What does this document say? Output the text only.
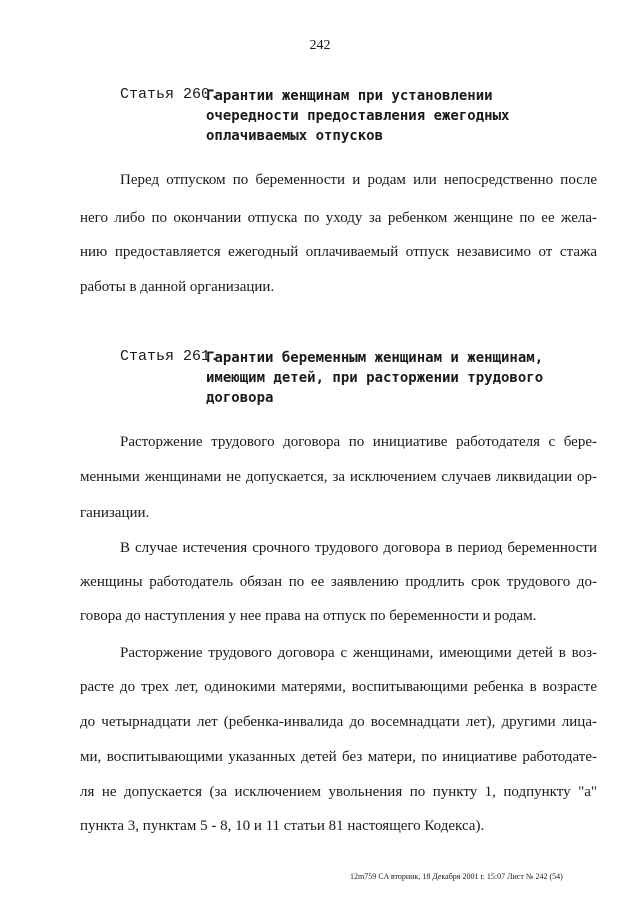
242
Статья 260.
Гарантии женщинам при установлении
очередности предоставления ежегодных
оплачиваемых отпусков
Перед отпуском по беременности и родам или непосредственно после
него либо по окончании отпуска по уходу за ребенком женщине по ее жела-
нию предоставляется ежегодный оплачиваемый отпуск независимо от стажа
работы в данной организации.
Статья 261.
Гарантии беременным женщинам и женщинам,
имеющим детей, при расторжении трудового
договора
Расторжение трудового договора по инициативе работодателя с бере-
менными женщинами не допускается, за исключением случаев ликвидации ор-
ганизации.
В случае истечения срочного трудового договора в период беременности
женщины работодатель обязан по ее заявлению продлить срок трудового до-
говора до наступления у нее права на отпуск по беременности и родам.
Расторжение трудового договора с женщинами, имеющими детей в воз-
расте до трех лет, одинокими матерями, воспитывающими ребенка в возрасте
до четырнадцати лет (ребенка-инвалида до восемнадцати лет), другими лица-
ми, воспитывающими указанных детей без матери, по инициативе работодате-
ля не допускается (за исключением увольнения по пункту 1, подпункту "а"
пункта 3, пунктам 5 - 8, 10 и 11 статьи 81 настоящего Кодекса).
12m759 CA вторник, 18 Декабря 2001 г. 15:07 Лист № 242 (54)
